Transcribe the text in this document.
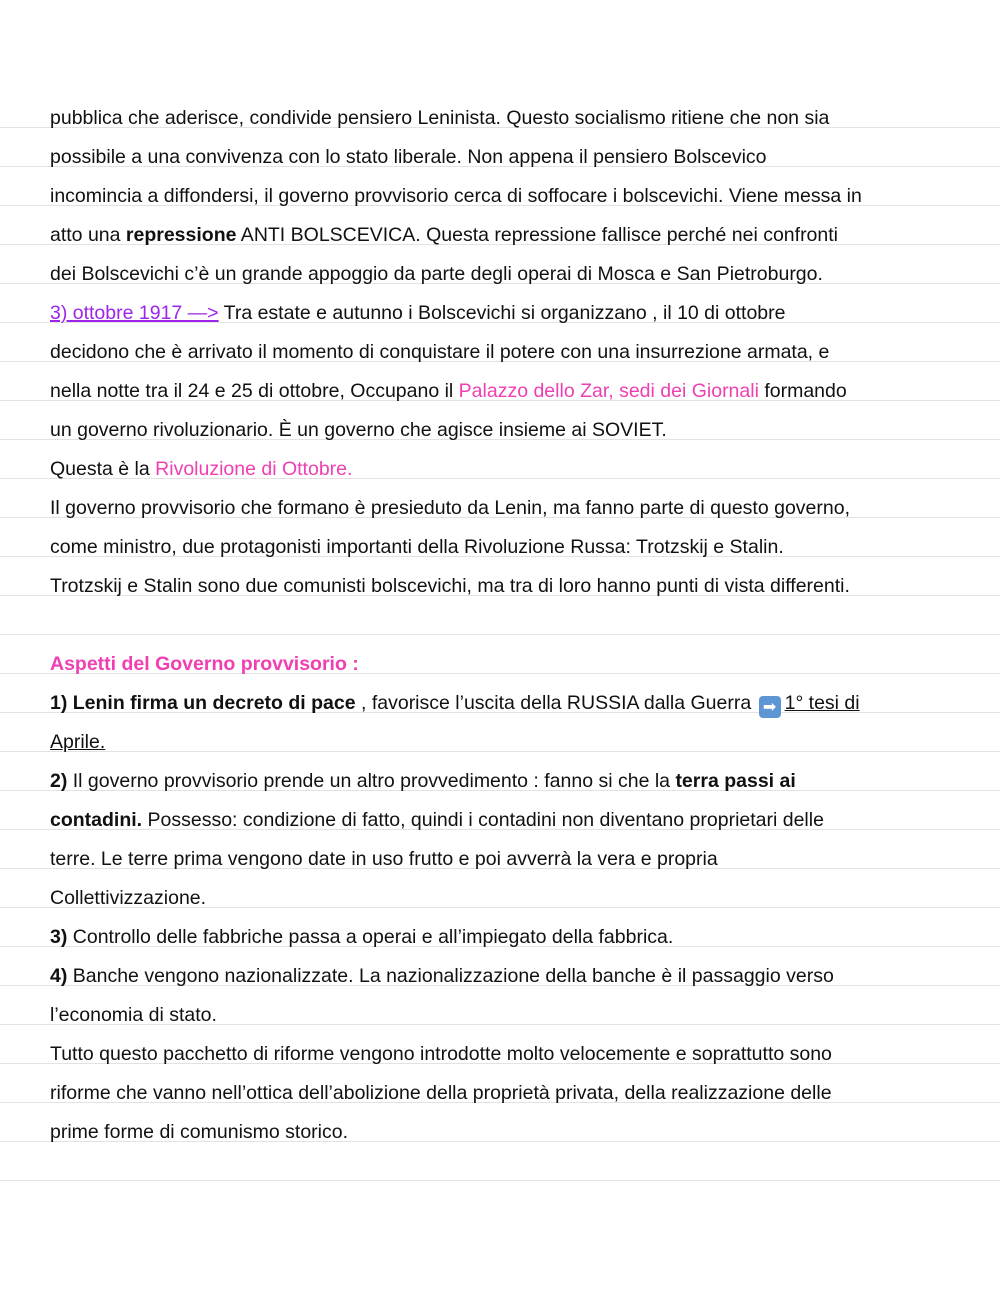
pubblica che aderisce, condivide pensiero Leninista. Questo socialismo ritiene che non sia
possibile a una convivenza con lo stato liberale. Non appena il pensiero Bolscevico
incomincia a diffondersi, il governo provvisorio cerca di soffocare i bolscevichi. Viene messa in
atto una repressione ANTI BOLSCEVICA. Questa repressione fallisce perché nei confronti
dei Bolscevichi c’è un grande appoggio da parte degli operai di Mosca e San Pietroburgo.
3) ottobre 1917 —> Tra estate e autunno i Bolscevichi si organizzano , il 10 di ottobre
decidono che è arrivato il momento di conquistare il potere con una insurrezione armata, e
nella notte tra il 24 e 25 di ottobre, Occupano il Palazzo dello Zar, sedi dei Giornali formando
un governo rivoluzionario. È un governo che agisce insieme ai SOVIET.
Questa è la Rivoluzione di Ottobre.
Il governo provvisorio che formano è presieduto da Lenin, ma fanno parte di questo governo,
come ministro, due protagonisti importanti della Rivoluzione Russa: Trotzskij e Stalin.
Trotzskij e Stalin sono due comunisti bolscevichi, ma tra di loro hanno punti di vista differenti.

Aspetti del Governo provvisorio :
1) Lenin firma un decreto di pace , favorisce l’uscita della RUSSIA dalla Guerra ➡ 1° tesi di
Aprile.
2) Il governo provvisorio prende un altro provvedimento : fanno si che la terra passi ai
contadini. Possesso: condizione di fatto, quindi i contadini non diventano proprietari delle
terre. Le terre prima vengono date in uso frutto e poi avverrà la vera e propria
Collettivizzazione.
3) Controllo delle fabbriche passa a operai e all’impiegato della fabbrica.
4) Banche vengono nazionalizzate. La nazionalizzazione della banche è il passaggio verso
l’economia di stato.
Tutto questo pacchetto di riforme vengono introdotte molto velocemente e soprattutto sono
riforme che vanno nell’ottica dell’abolizione della proprietà privata, della realizzazione delle
prime forme di comunismo storico.
